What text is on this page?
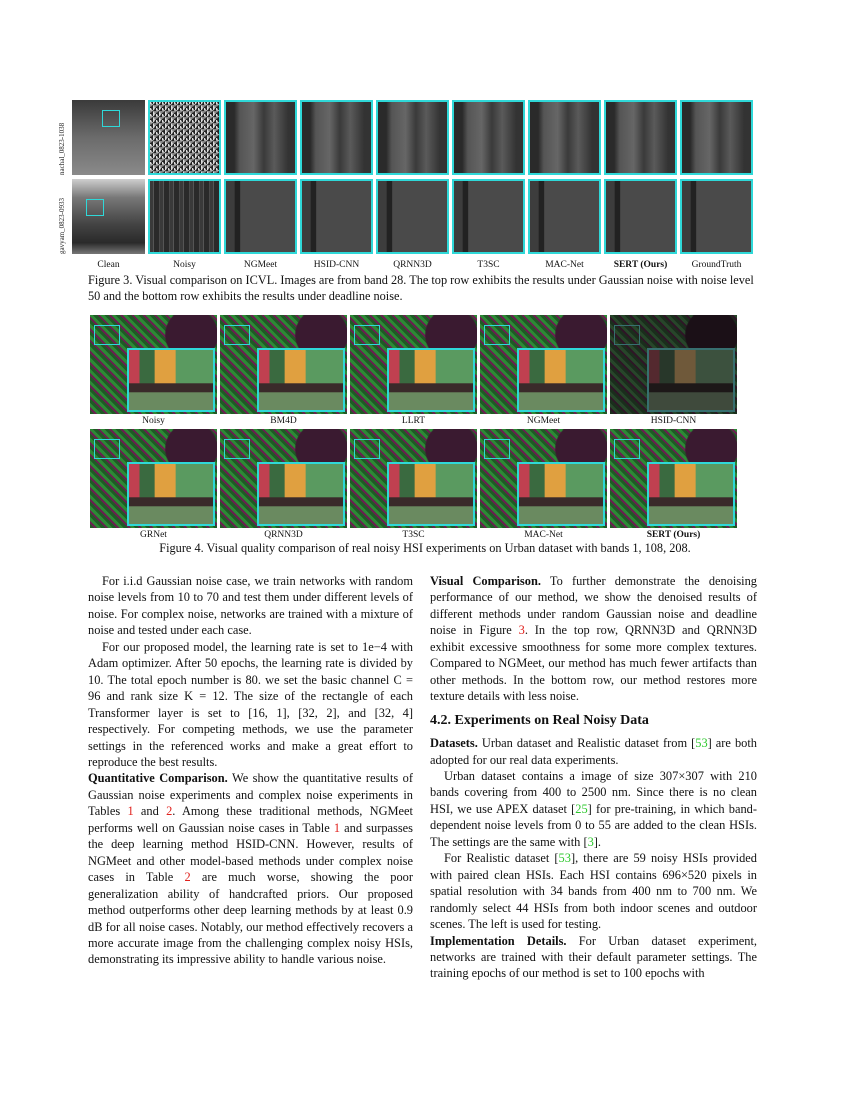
nachal_0823-1038
gavyam_0823-0933
Clean	Noisy	NGMeet	HSID-CNN	QRNN3D	T3SC	MAC-Net	SERT (Ours)	GroundTruth
Figure 3. Visual comparison on ICVL. Images are from band 28. The top row exhibits the results under Gaussian noise with noise level 50 and the bottom row exhibits the results under deadline noise.
Noisy	BM4D	LLRT	NGMeet	HSID-CNN
GRNet	QRNN3D	T3SC	MAC-Net	SERT (Ours)
Figure 4. Visual quality comparison of real noisy HSI experiments on Urban dataset with bands 1, 108, 208.

For i.i.d Gaussian noise case, we train networks with random noise levels from 10 to 70 and test them under different levels of noise. For complex noise, networks are trained with a mixture of noise and tested under each case.

For our proposed model, the learning rate is set to 1e−4 with Adam optimizer. After 50 epochs, the learning rate is divided by 10. The total epoch number is 80. we set the basic channel C = 96 and rank size K = 12. The size of the rectangle of each Transformer layer is set to [16, 1], [32, 2], and [32, 4] respectively. For competing methods, we use the parameter settings in the referenced works and make a great effort to reproduce the best results.

Quantitative Comparison. We show the quantitative results of Gaussian noise experiments and complex noise experiments in Tables 1 and 2. Among these traditional methods, NGMeet performs well on Gaussian noise cases in Table 1 and surpasses the deep learning method HSID-CNN. However, results of NGMeet and other model-based methods under complex noise cases in Table 2 are much worse, showing the poor generalization ability of handcrafted priors. Our proposed method outperforms other deep learning methods by at least 0.9 dB for all noise cases. Notably, our method effectively recovers a more accurate image from the challenging complex noisy HSIs, demonstrating its impressive ability to handle various noise.

Visual Comparison. To further demonstrate the denoising performance of our method, we show the denoised results of different methods under random Gaussian noise and deadline noise in Figure 3. In the top row, QRNN3D and QRNN3D exhibit excessive smoothness for some more complex textures. Compared to NGMeet, our method has much fewer artifacts than other methods. In the bottom row, our method restores more texture details with less noise.

4.2. Experiments on Real Noisy Data

Datasets. Urban dataset and Realistic dataset from [53] are both adopted for our real data experiments.

Urban dataset contains a image of size 307×307 with 210 bands covering from 400 to 2500 nm. Since there is no clean HSI, we use APEX dataset [25] for pre-training, in which band-dependent noise levels from 0 to 55 are added to the clean HSIs. The settings are the same with [3].

For Realistic dataset [53], there are 59 noisy HSIs provided with paired clean HSIs. Each HSI contains 696×520 pixels in spatial resolution with 34 bands from 400 nm to 700 nm. We randomly select 44 HSIs from both indoor scenes and outdoor scenes. The left is used for testing.

Implementation Details. For Urban dataset experiment, networks are trained with their default parameter settings. The training epochs of our method is set to 100 epochs with
